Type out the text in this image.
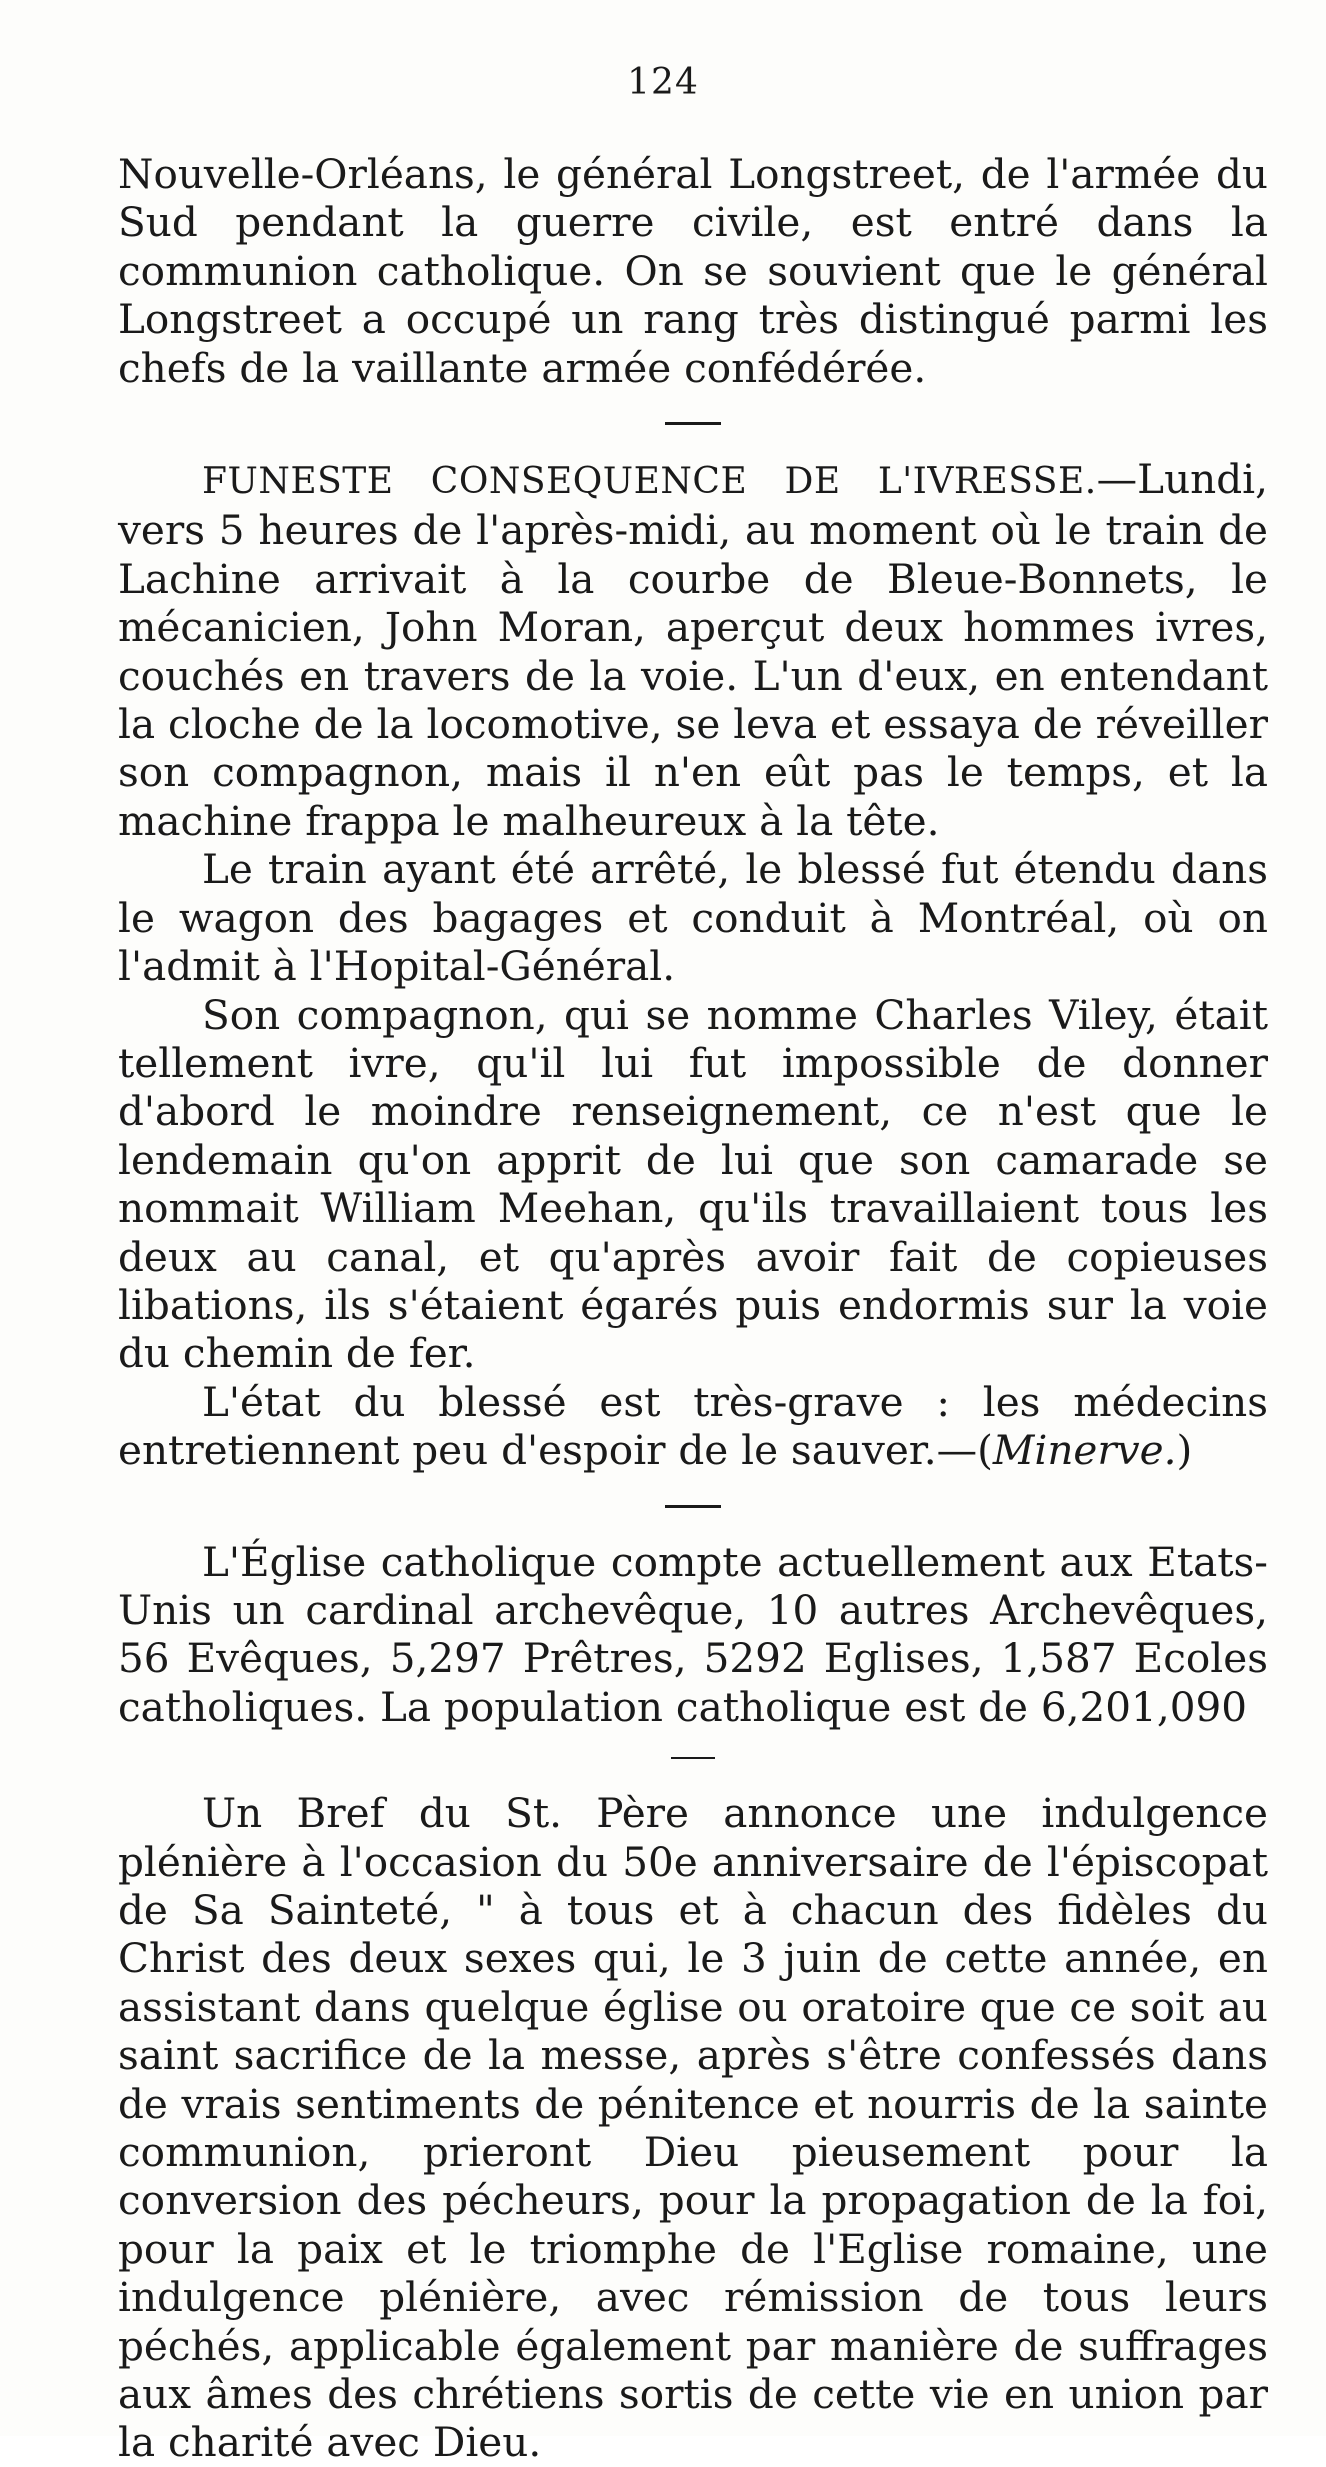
124

Nouvelle-Orléans, le général Longstreet, de l'armée du Sud pendant la guerre civile, est entré dans la communion catholique. On se souvient que le général Longstreet a occupé un rang très distingué parmi les chefs de la vaillante armée confédérée.

FUNESTE CONSEQUENCE DE L'IVRESSE.—Lundi, vers 5 heures de l'après-midi, au moment où le train de Lachine arrivait à la courbe de Bleue-Bonnets, le mécanicien, John Moran, aperçut deux hommes ivres, couchés en travers de la voie. L'un d'eux, en entendant la cloche de la locomotive, se leva et essaya de réveiller son compagnon, mais il n'en eût pas le temps, et la machine frappa le malheureux à la tête.

Le train ayant été arrêté, le blessé fut étendu dans le wagon des bagages et conduit à Montréal, où on l'admit à l'Hopital-Général.

Son compagnon, qui se nomme Charles Viley, était tellement ivre, qu'il lui fut impossible de donner d'abord le moindre renseignement, ce n'est que le lendemain qu'on apprit de lui que son camarade se nommait William Meehan, qu'ils travaillaient tous les deux au canal, et qu'après avoir fait de copieuses libations, ils s'étaient égarés puis endormis sur la voie du chemin de fer.

L'état du blessé est très-grave : les médecins entretiennent peu d'espoir de le sauver.—(Minerve.)

L'Église catholique compte actuellement aux Etats-Unis un cardinal archevêque, 10 autres Archevêques, 56 Evêques, 5,297 Prêtres, 5292 Eglises, 1,587 Ecoles catholiques. La population catholique est de 6,201,090

Un Bref du St. Père annonce une indulgence plénière à l'occasion du 50e anniversaire de l'épiscopat de Sa Sainteté, " à tous et à chacun des fidèles du Christ des deux sexes qui, le 3 juin de cette année, en assistant dans quelque église ou oratoire que ce soit au saint sacrifice de la messe, après s'être confessés dans de vrais sentiments de pénitence et nourris de la sainte communion, prieront Dieu pieusement pour la conversion des pécheurs, pour la propagation de la foi, pour la paix et le triomphe de l'Eglise romaine, une indulgence plénière, avec rémission de tous leurs péchés, applicable également par manière de suffrages aux âmes des chrétiens sortis de cette vie en union par la charité avec Dieu.
